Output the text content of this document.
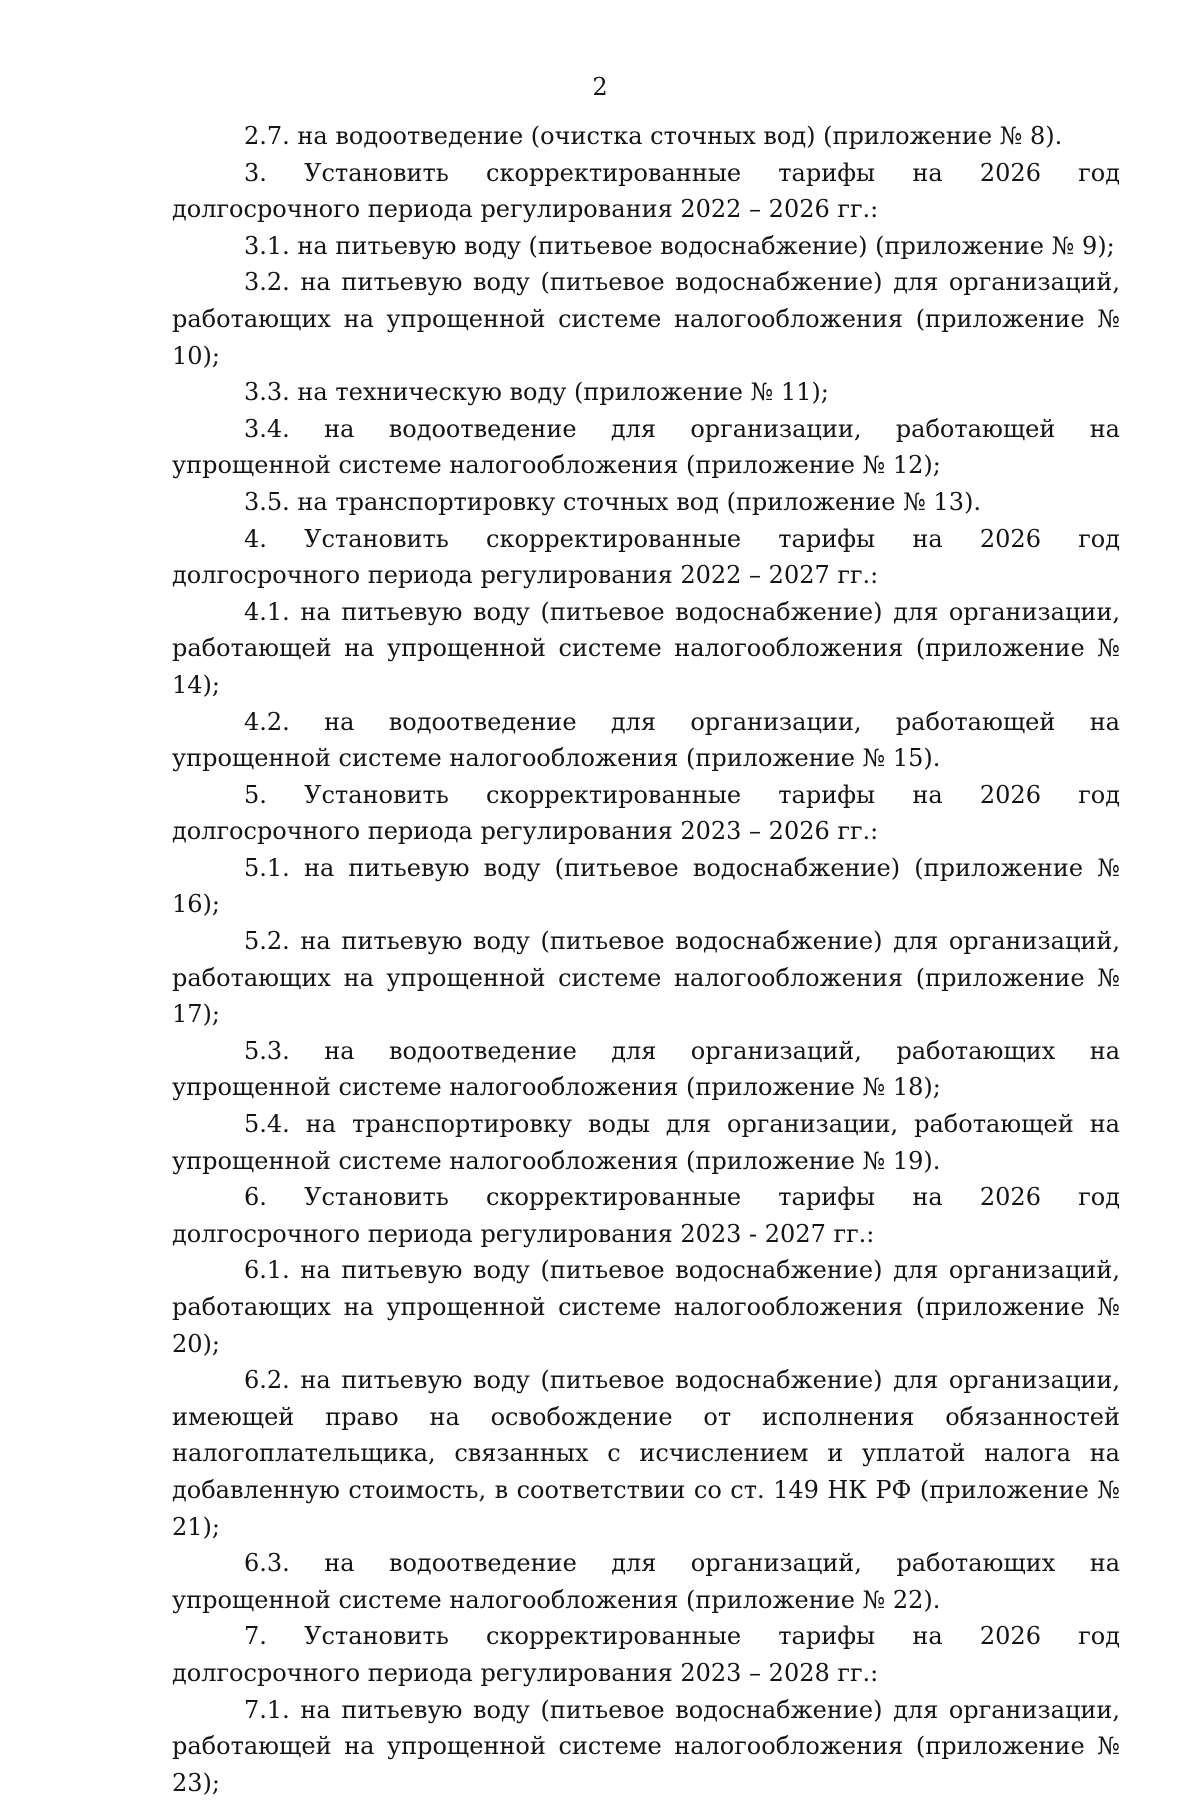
2

2.7. на водоотведение (очистка сточных вод) (приложение № 8).

3. Установить скорректированные тарифы на 2026 год долгосрочного периода регулирования 2022 – 2026 гг.:

3.1. на питьевую воду (питьевое водоснабжение) (приложение № 9);

3.2. на питьевую воду (питьевое водоснабжение) для организаций, работающих на упрощенной системе налогообложения (приложение № 10);

3.3. на техническую воду (приложение № 11);

3.4. на водоотведение для организации, работающей на упрощенной системе налогообложения (приложение № 12);

3.5. на транспортировку сточных вод (приложение № 13).

4. Установить скорректированные тарифы на 2026 год долгосрочного периода регулирования 2022 – 2027 гг.:

4.1. на питьевую воду (питьевое водоснабжение) для организации, работающей на упрощенной системе налогообложения (приложение № 14);

4.2. на водоотведение для организации, работающей на упрощенной системе налогообложения (приложение № 15).

5. Установить скорректированные тарифы на 2026 год долгосрочного периода регулирования 2023 – 2026 гг.:

5.1. на питьевую воду (питьевое водоснабжение) (приложение № 16);

5.2. на питьевую воду (питьевое водоснабжение) для организаций, работающих на упрощенной системе налогообложения (приложение № 17);

5.3. на водоотведение для организаций, работающих на упрощенной системе налогообложения (приложение № 18);

5.4. на транспортировку воды для организации, работающей на упрощенной системе налогообложения (приложение № 19).

6. Установить скорректированные тарифы на 2026 год долгосрочного периода регулирования 2023 - 2027 гг.:

6.1. на питьевую воду (питьевое водоснабжение) для организаций, работающих на упрощенной системе налогообложения (приложение № 20);

6.2. на питьевую воду (питьевое водоснабжение) для организации, имеющей право на освобождение от исполнения обязанностей налогоплательщика, связанных с исчислением и уплатой налога на добавленную стоимость, в соответствии со ст. 149 НК РФ (приложение № 21);

6.3. на водоотведение для организаций, работающих на упрощенной системе налогообложения (приложение № 22).

7. Установить скорректированные тарифы на 2026 год долгосрочного периода регулирования 2023 – 2028 гг.:

7.1. на питьевую воду (питьевое водоснабжение) для организации, работающей на упрощенной системе налогообложения (приложение № 23);
